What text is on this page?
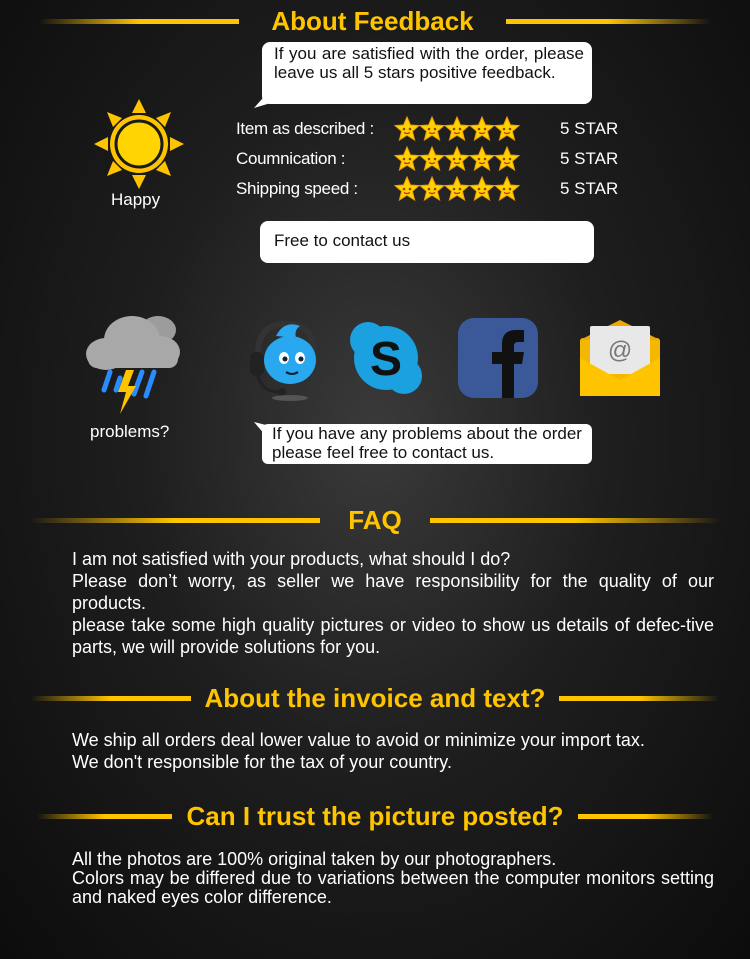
About Feedback
If you are satisfied with the order, please leave us all 5 stars positive feedback.
Happy
Item as described :	5 STAR
Coumnication :	5 STAR
Shipping speed :	5 STAR
Free to contact us
problems?
S	@
If you have any problems about the order please feel free to contact us.
FAQ

I am not satisfied with your products, what should I do?

Please don’t worry, as seller we have responsibility for the quality of our products.

please take some high quality pictures or video to show us details of defec-tive parts, we will provide solutions for you.

About the invoice and text?

We ship all orders deal lower value to avoid or minimize your import tax.

We don't responsible for the tax of your country.

Can I trust the picture posted?

All the photos are 100% original taken by our photographers.

Colors may be differed due to variations between the computer monitors setting and naked eyes color difference.
